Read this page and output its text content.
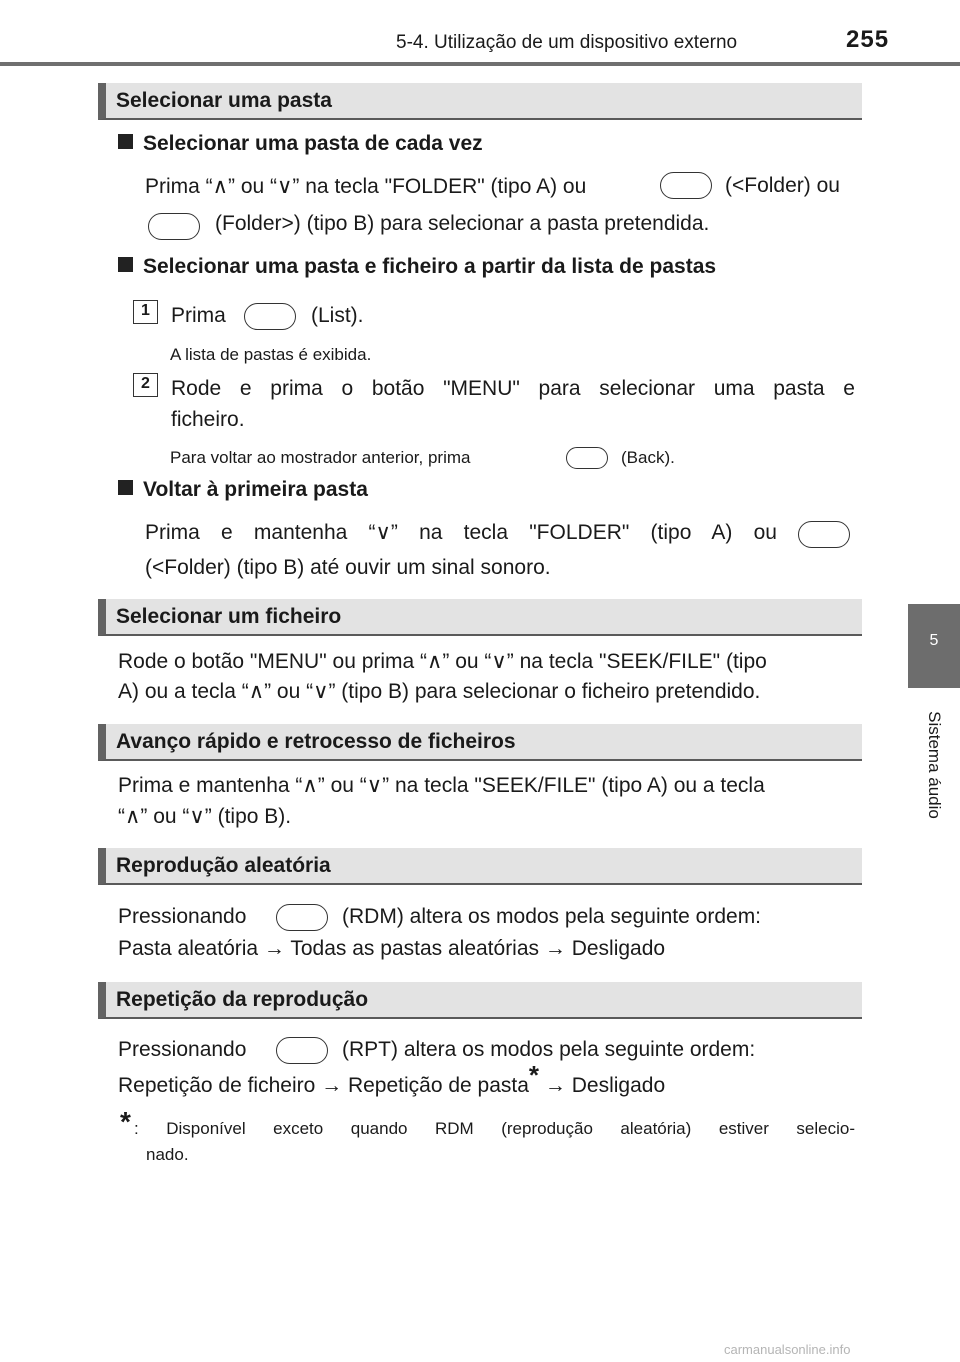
5-4. Utilização de um dispositivo externo	255
5
Sistema áudio
Selecionar uma pasta
Selecionar uma pasta de cada vez
Prima “∧” ou “∨” na tecla "FOLDER" (tipo A) ou	(<Folder) ou
(Folder>) (tipo B) para selecionar a pasta pretendida.
Selecionar uma pasta e ficheiro a partir da lista de pastas
1	Prima	(List).
A lista de pastas é exibida.
2	Rode e prima o botão "MENU" para selecionar uma pasta e
ficheiro.
Para voltar ao mostrador anterior, prima	(Back).
Voltar à primeira pasta
Prima e mantenha “∨” na tecla "FOLDER" (tipo A) ou
(<Folder) (tipo B) até ouvir um sinal sonoro.
Selecionar um ficheiro
Rode o botão "MENU" ou prima “∧” ou “∨” na tecla "SEEK/FILE" (tipo
A) ou a tecla “∧” ou “∨” (tipo B) para selecionar o ficheiro pretendido.
Avanço rápido e retrocesso de ficheiros
Prima e mantenha “∧” ou “∨” na tecla "SEEK/FILE" (tipo A) ou a tecla
“∧” ou “∨” (tipo B).
Reprodução aleatória
Pressionando	(RDM) altera os modos pela seguinte ordem:
Pasta aleatória → Todas as pastas aleatórias → Desligado
Repetição da reprodução
Pressionando	(RPT) altera os modos pela seguinte ordem:
Repetição de ficheiro → Repetição de pasta* → Desligado
* : Disponível exceto quando RDM (reprodução aleatória) estiver selecio-
nado.
carmanualsonline.info
